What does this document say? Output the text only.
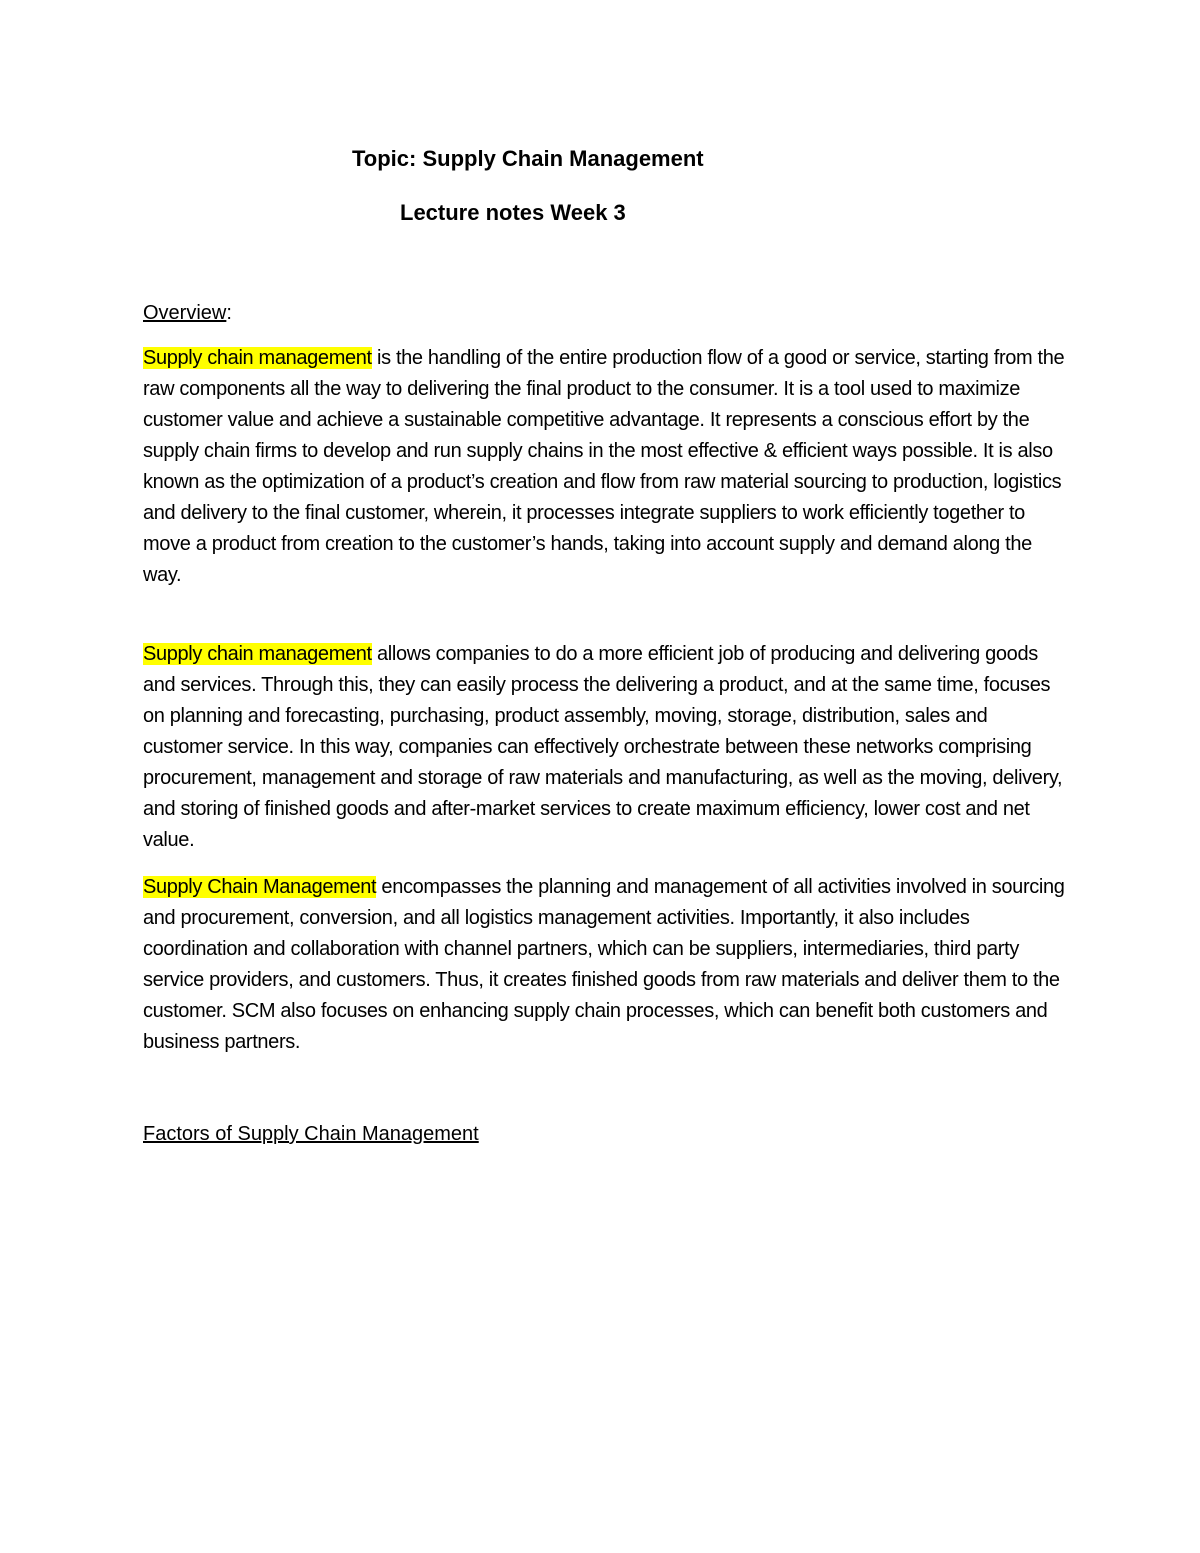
Topic: Supply Chain Management
Lecture notes Week 3
Overview:
Supply chain management is the handling of the entire production flow of a good or service, starting from the raw components all the way to delivering the final product to the consumer. It is a tool used to maximize customer value and achieve a sustainable competitive advantage. It represents a conscious effort by the supply chain firms to develop and run supply chains in the most effective & efficient ways possible. It is also known as the optimization of a product’s creation and flow from raw material sourcing to production, logistics and delivery to the final customer, wherein, it processes integrate suppliers to work efficiently together to move a product from creation to the customer’s hands, taking into account supply and demand along the way.
Supply chain management allows companies to do a more efficient job of producing and delivering goods and services. Through this, they can easily process the delivering a product, and at the same time, focuses on planning and forecasting, purchasing, product assembly, moving, storage, distribution, sales and customer service. In this way, companies can effectively orchestrate between these networks comprising procurement, management and storage of raw materials and manufacturing, as well as the moving, delivery, and storing of finished goods and after-market services to create maximum efficiency, lower cost and net value.
Supply Chain Management encompasses the planning and management of all activities involved in sourcing and procurement, conversion, and all logistics management activities. Importantly, it also includes coordination and collaboration with channel partners, which can be suppliers, intermediaries, third party service providers, and customers. Thus, it creates finished goods from raw materials and deliver them to the customer. SCM also focuses on enhancing supply chain processes, which can benefit both customers and business partners.
Factors of Supply Chain Management
